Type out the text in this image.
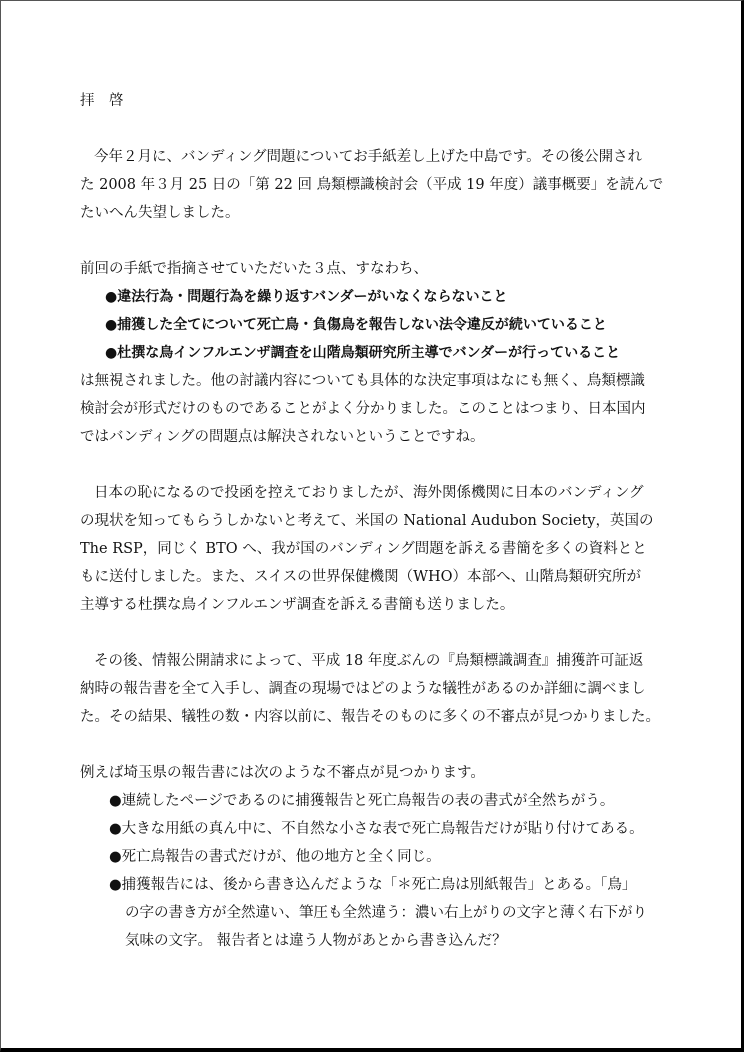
拝　啓
今年２月に、バンディング問題についてお手紙差し上げた中島です。その後公開され
た 2008 年３月 25 日の「第 22 回 鳥類標識検討会（平成 19 年度）議事概要」を読んで
たいへん失望しました。
前回の手紙で指摘させていただいた３点、すなわち、
●違法行為・問題行為を繰り返すバンダーがいなくならないこと
●捕獲した全てについて死亡鳥・負傷鳥を報告しない法令違反が続いていること
●杜撰な鳥インフルエンザ調査を山階鳥類研究所主導でバンダーが行っていること
は無視されました。他の討議内容についても具体的な決定事項はなにも無く、鳥類標識
検討会が形式だけのものであることがよく分かりました。このことはつまり、日本国内
ではバンディングの問題点は解決されないということですね。
日本の恥になるので投函を控えておりましたが、海外関係機関に日本のバンディング
の現状を知ってもらうしかないと考えて、米国の National Audubon Society，英国の
The RSP，同じく BTO へ、我が国のバンディング問題を訴える書簡を多くの資料とと
もに送付しました。また、スイスの世界保健機関（WHO）本部へ、山階鳥類研究所が
主導する杜撰な鳥インフルエンザ調査を訴える書簡も送りました。
その後、情報公開請求によって、平成 18 年度ぶんの『鳥類標識調査』捕獲許可証返
納時の報告書を全て入手し、調査の現場ではどのような犠牲があるのか詳細に調べまし
た。その結果、犠牲の数・内容以前に、報告そのものに多くの不審点が見つかりました。
例えば埼玉県の報告書には次のような不審点が見つかります。
●連続したページであるのに捕獲報告と死亡鳥報告の表の書式が全然ちがう。
●大きな用紙の真ん中に、不自然な小さな表で死亡鳥報告だけが貼り付けてある。
●死亡鳥報告の書式だけが、他の地方と全く同じ。
●捕獲報告には、後から書き込んだような「＊死亡鳥は別紙報告」とある。「鳥」
の字の書き方が全然違い、筆圧も全然違う：濃い右上がりの文字と薄く右下がり
気味の文字。 報告者とは違う人物があとから書き込んだ？
